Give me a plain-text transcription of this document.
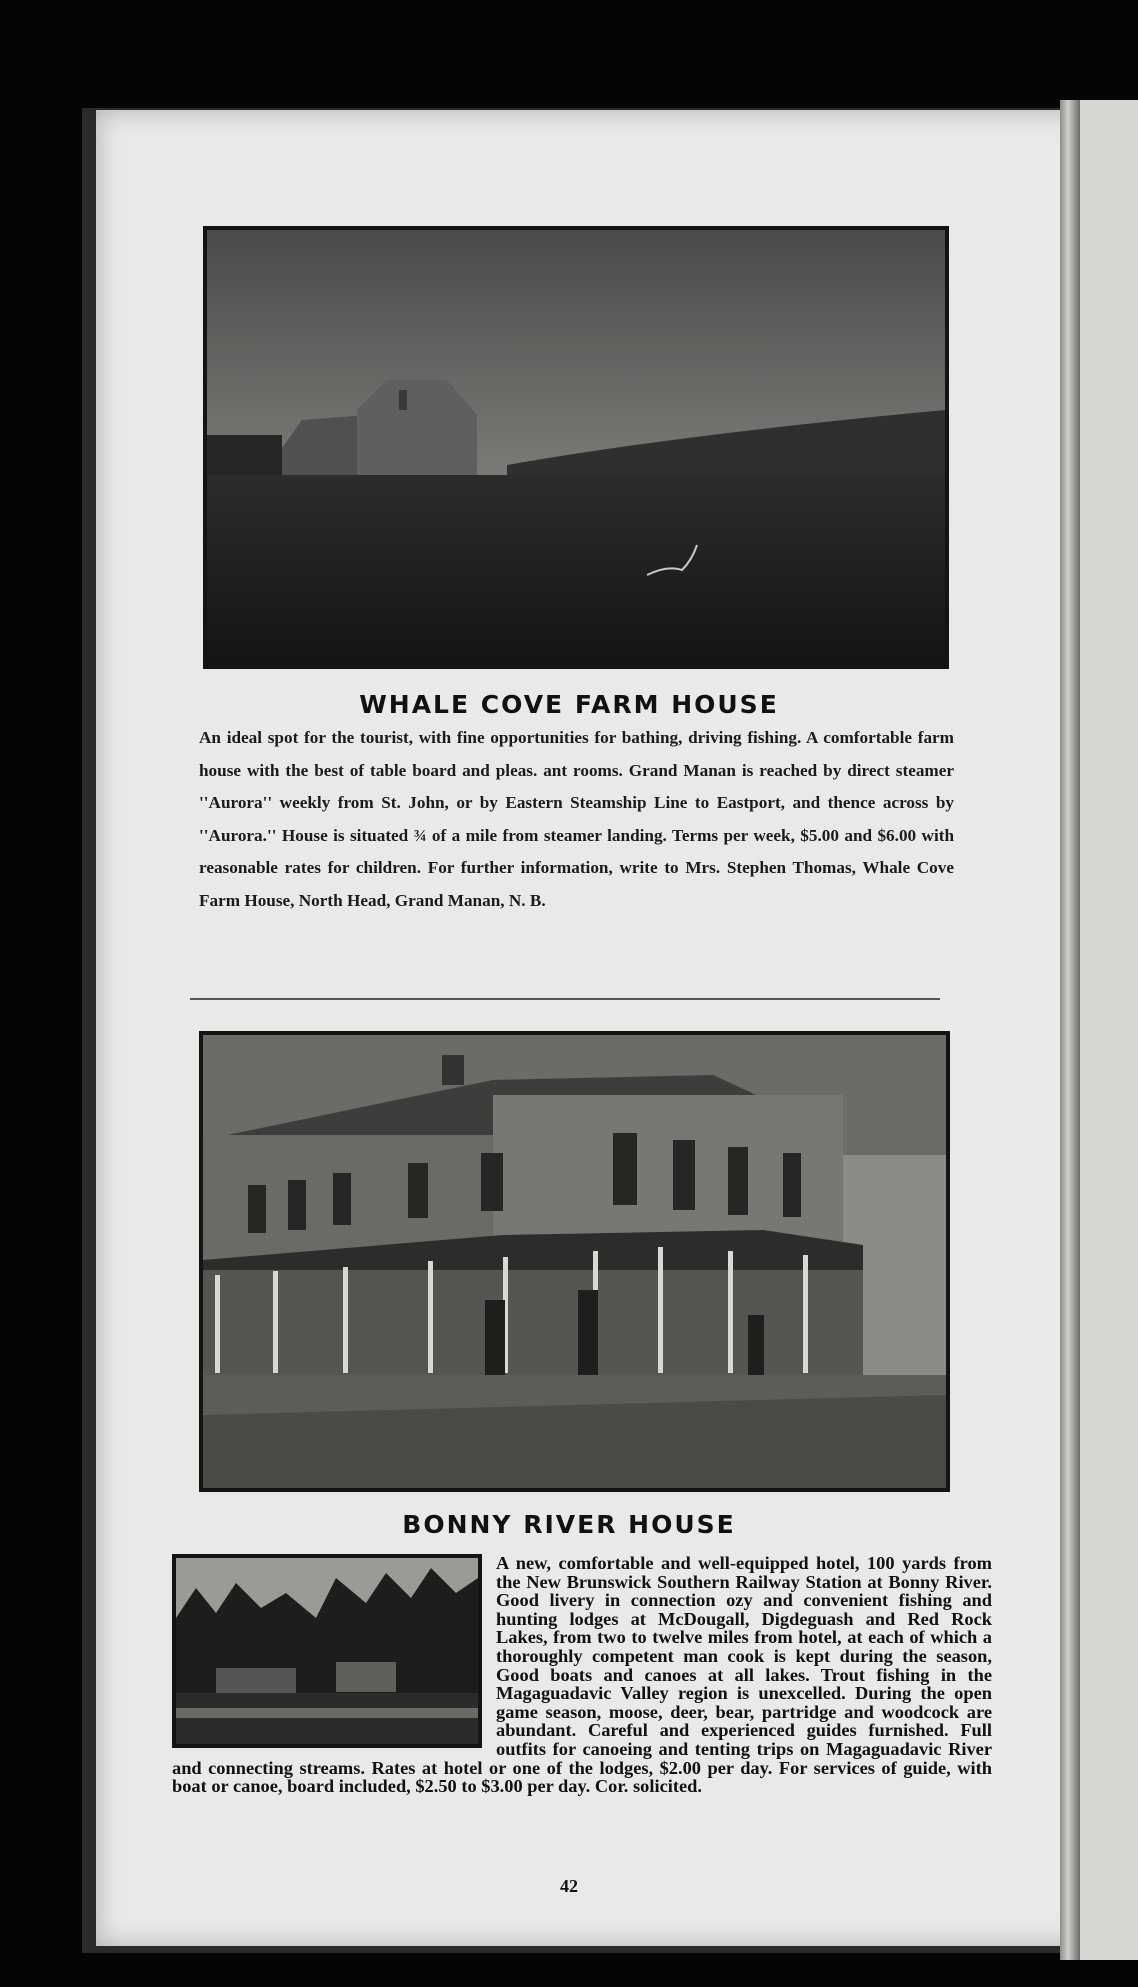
WHALE COVE FARM HOUSE
An ideal spot for the tourist, with fine opportunities for bathing, driving fishing. A comfortable farm house with the best of table board and pleas. ant rooms. Grand Manan is reached by direct steamer ''Aurora'' weekly from St. John, or by Eastern Steamship Line to Eastport, and thence across by ''Aurora.'' House is situated ¾ of a mile from steamer landing. Terms per week, $5.00 and $6.00 with reasonable rates for children. For further information, write to Mrs. Stephen Thomas, Whale Cove Farm House, North Head, Grand Manan, N. B.
BONNY RIVER HOUSE
A new, comfortable and well-equipped hotel, 100 yards from the New Brunswick Southern Railway Station at Bonny River. Good livery in connection ozy and convenient fishing and hunting lodges at McDougall, Digdeguash and Red Rock Lakes, from two to twelve miles from hotel, at each of which a thoroughly competent man cook is kept during the season, Good boats and canoes at all lakes. Trout fishing in the Magaguadavic Valley region is unexcelled. During the open game season, moose, deer, bear, partridge and woodcock are abundant. Careful and experienced guides furnished. Full outfits for canoeing and tenting trips on Magaguadavic River and connecting streams. Rates at hotel or one of the lodges, $2.00 per day. For services of guide, with boat or canoe, board included, $2.50 to $3.00 per day. Cor. solicited.
42
